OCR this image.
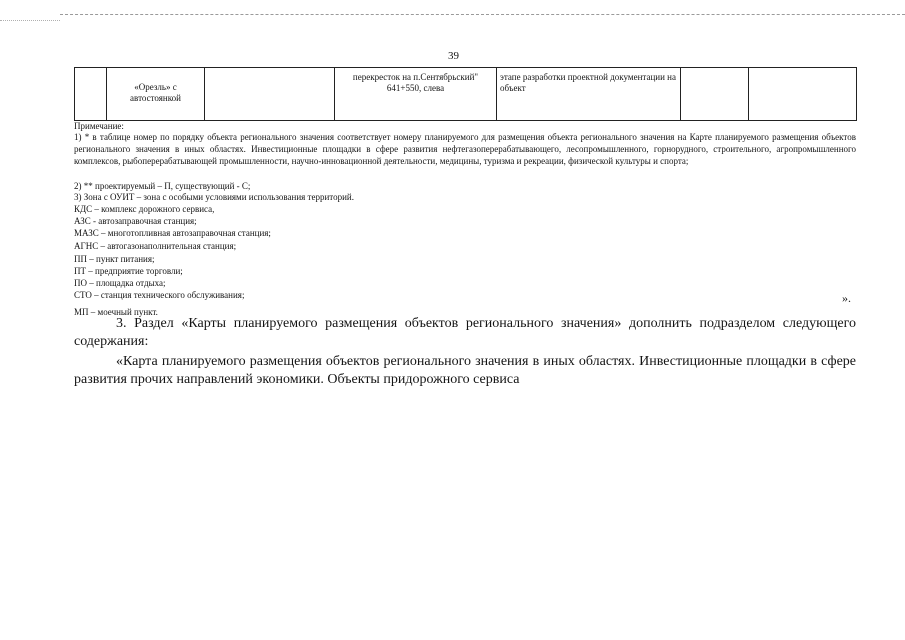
39
	«Орезль» с автостоянкой		перекресток на п.Сентябрьский" 641+550, слева	этапе разработки проектной документации на объект		
Примечание:
1) * в таблице номер по порядку объекта регионального значения соответствует номеру планируемого для размещения объекта регионального значения на Карте планируемого размещения объектов регионального значения в иных областях. Инвестиционные площадки в сфере развития нефтегазоперерабатывающего, лесопромышленного, горнорудного, строительного, агропромышленного комплексов, рыбоперерабатывающей промышленности, научно-инновационной деятельности, медицины, туризма и рекреации, физической культуры и спорта;
2) ** проектируемый – П, существующий - С;
3) Зона с ОУИТ – зона с особыми условиями использования территорий.
КДС – комплекс дорожного сервиса,
АЗС - автозаправочная станция;
МАЗС – многотопливная автозаправочная станция;
АГНС – автогазонаполнительная станция;
ПП – пункт питания;
ПТ – предприятие торговли;
ПО – площадка отдыха;
СТО – станция технического обслуживания;	».
МП – моечный пункт.
3. Раздел «Карты планируемого размещения объектов регионального значения» дополнить подразделом следующего содержания:
«Карта планируемого размещения объектов регионального значения в иных областях. Инвестиционные площадки в сфере развития прочих направлений экономики. Объекты придорожного сервиса
